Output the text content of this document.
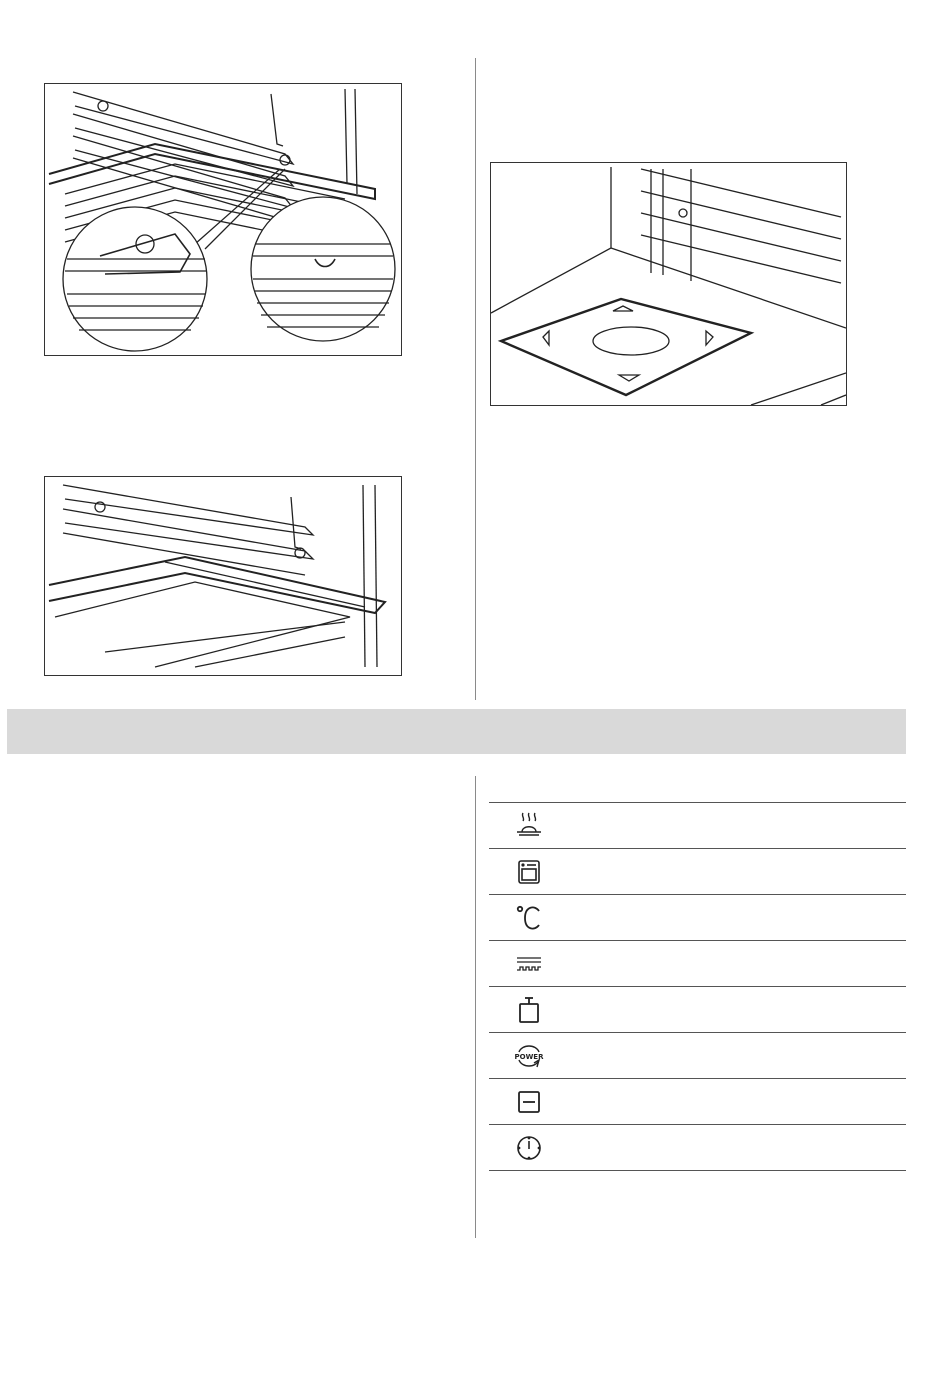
POWER
